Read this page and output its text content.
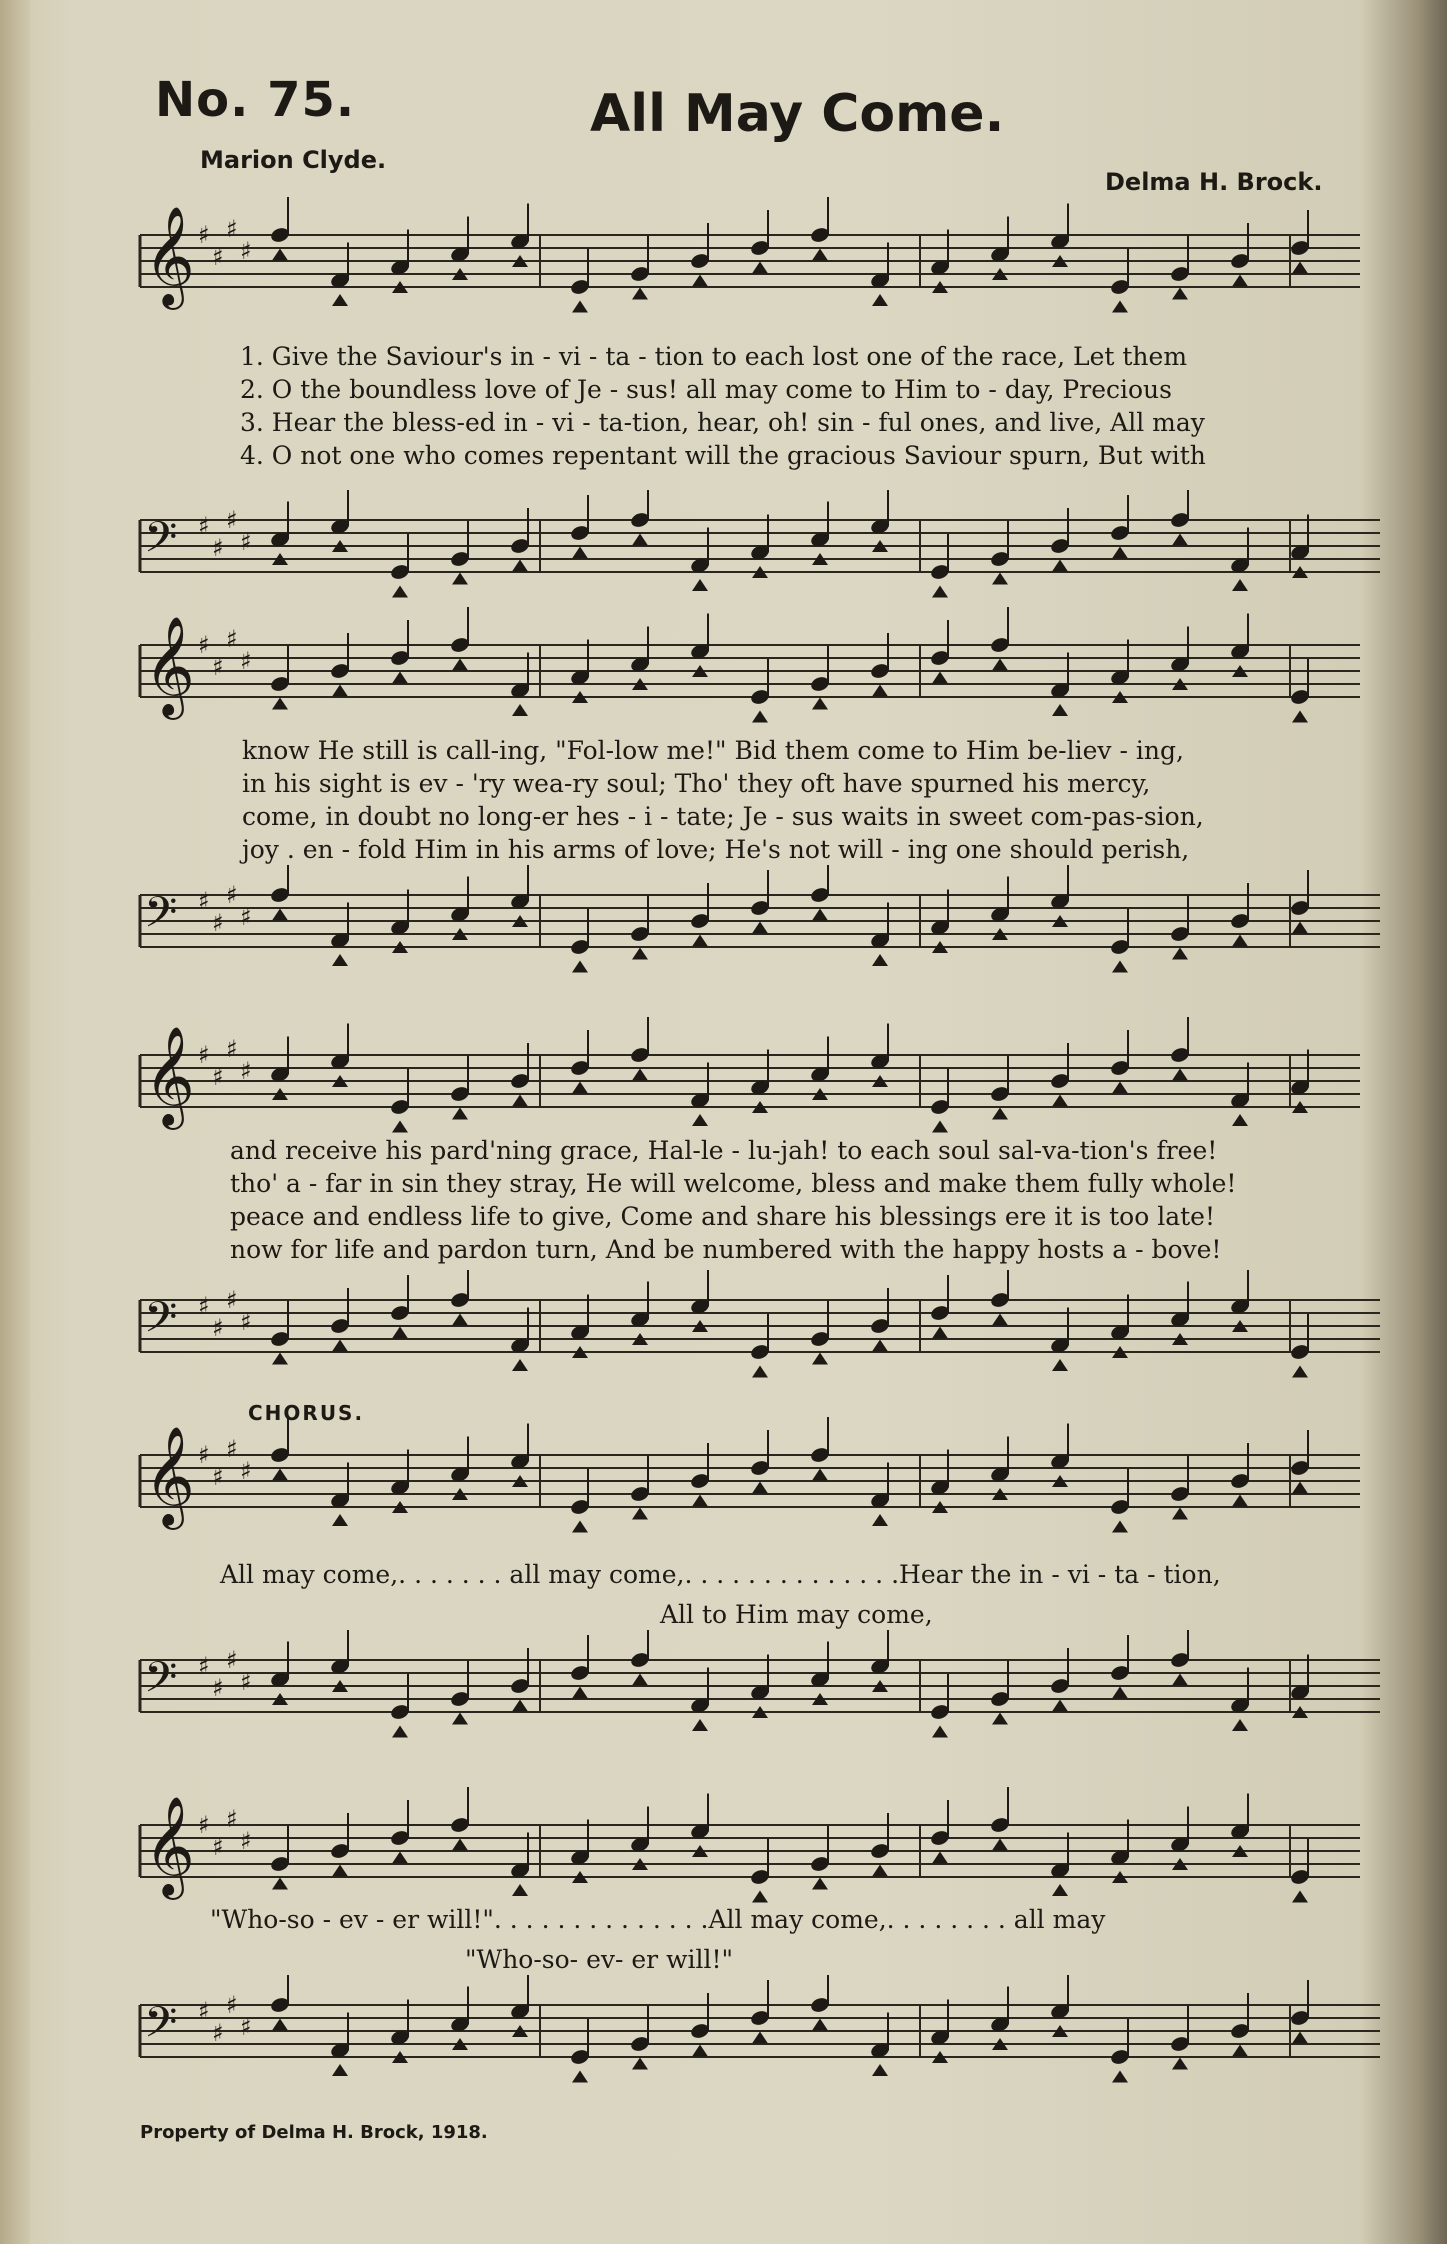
No. 75.	All May Come.
Marion Clyde.
Delma H. Brock.
𝄞 ♯
♯
♯
♯
1. Give the Saviour's in - vi - ta - tion to each lost one of the race, Let them
2. O the boundless love of Je - sus! all may come to Him to - day, Precious
3. Hear the bless-ed in - vi - ta-tion, hear, oh! sin - ful ones, and live, All may
4. O not one who comes repentant will the gracious Saviour spurn, But with
𝄢 ♯
♯
♯
♯
𝄞 ♯
♯
♯
♯
know He still is call-ing, "Fol-low me!" Bid them come to Him be-liev - ing,
in his sight is ev - 'ry wea-ry soul; Tho' they oft have spurned his mercy,
come, in doubt no long-er hes - i - tate; Je - sus waits in sweet com-pas-sion,
joy . en - fold Him in his arms of love; He's not will - ing one should perish,
𝄢 ♯
♯
♯
♯
𝄞 ♯
♯
♯
♯
and receive his pard'ning grace, Hal-le - lu-jah! to each soul sal-va-tion's free!
tho' a - far in sin they stray, He will welcome, bless and make them fully whole!
peace and endless life to give, Come and share his blessings ere it is too late!
now for life and pardon turn, And be numbered with the happy hosts a - bove!
𝄢 ♯
♯
♯
♯
CHORUS.
𝄞 ♯
♯
♯
♯
All may come,. . . . . . . all may come,. . . . . . . . . . . . . .Hear the in - vi - ta - tion,
All to Him may come,
𝄢 ♯
♯
♯
♯
𝄞 ♯
♯
♯
♯
"Who-so - ev - er will!". . . . . . . . . . . . . .All may come,. . . . . . . . all may
"Who-so- ev- er will!"
𝄢 ♯
♯
♯
♯
Property of Delma H. Brock, 1918.
